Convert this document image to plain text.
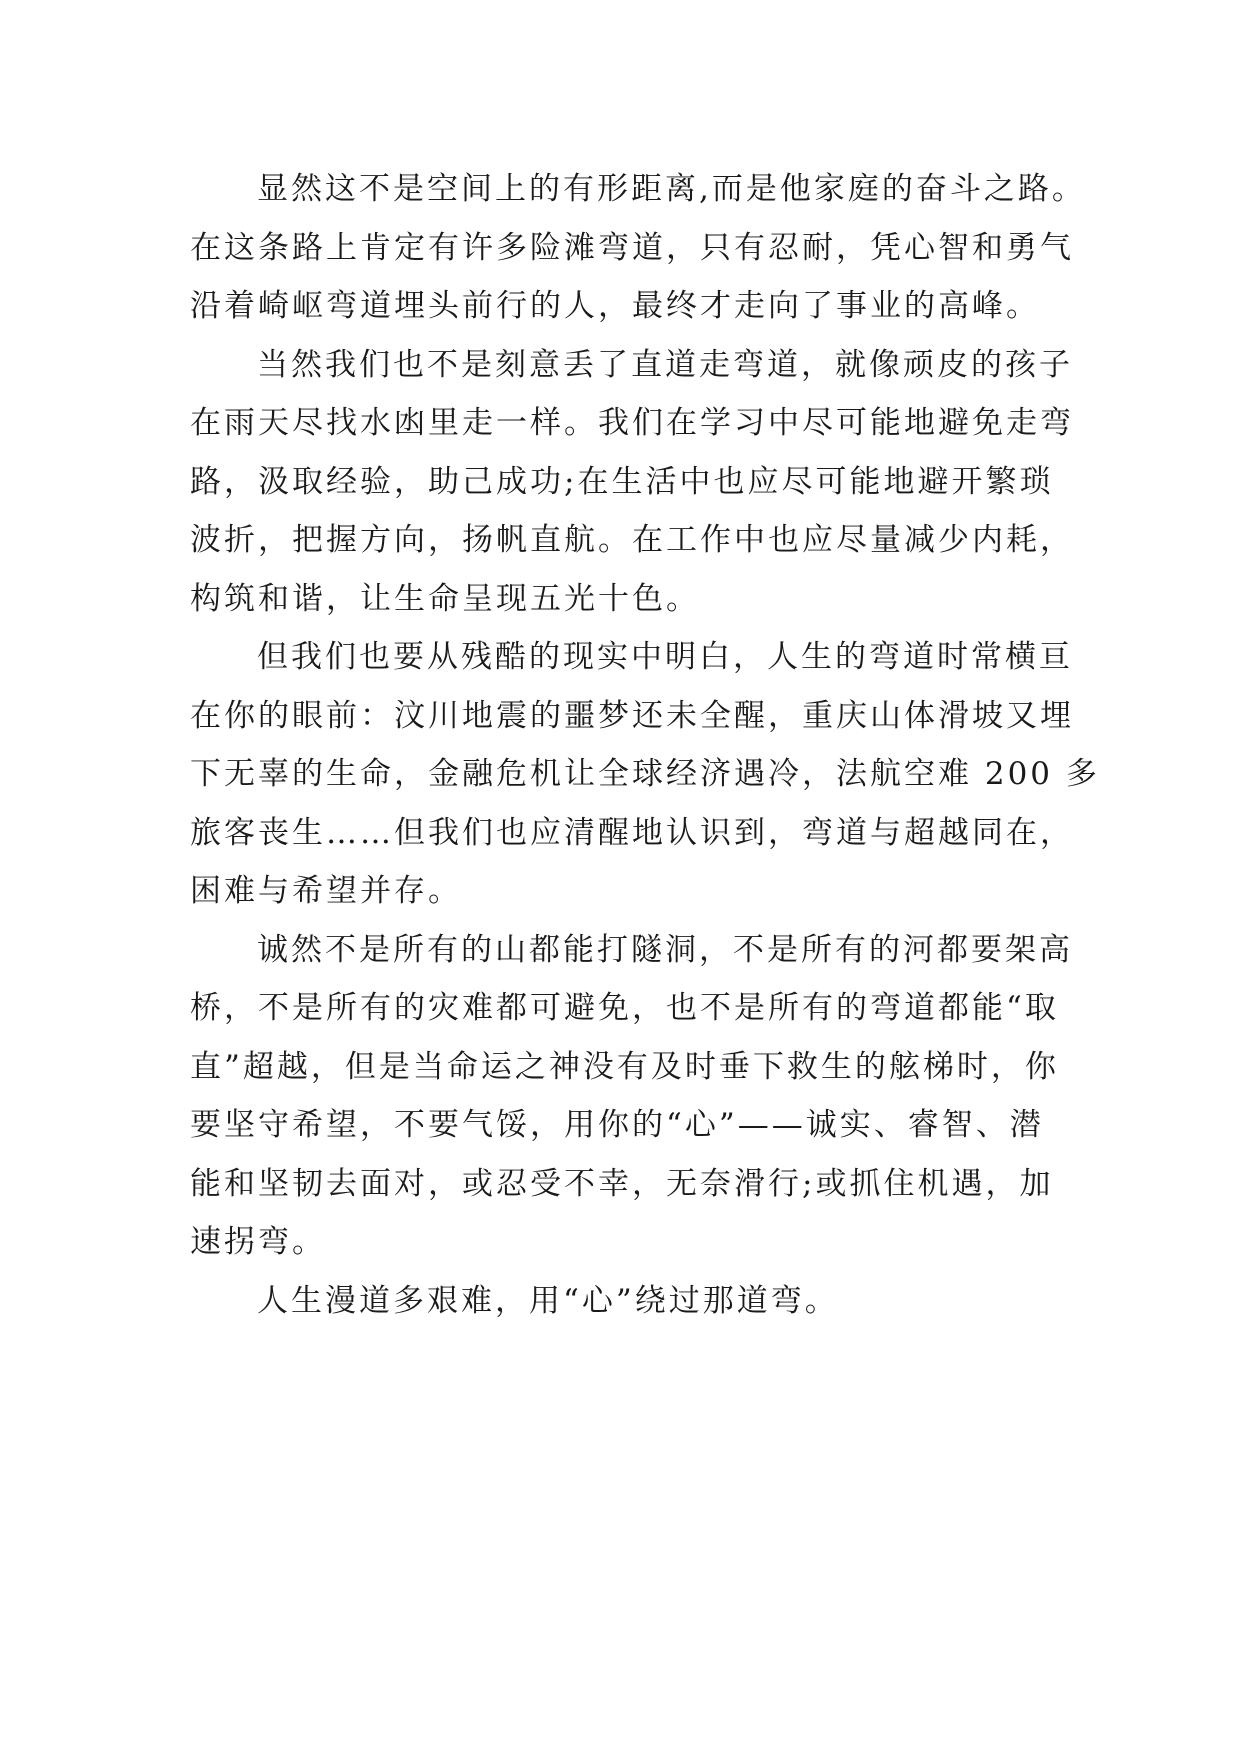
显然这不是空间上的有形距离,而是他家庭的奋斗之路。
在这条路上肯定有许多险滩弯道，只有忍耐，凭心智和勇气
沿着崎岖弯道埋头前行的人，最终才走向了事业的高峰。
当然我们也不是刻意丢了直道走弯道，就像顽皮的孩子
在雨天尽找水凼里走一样。我们在学习中尽可能地避免走弯
路，汲取经验，助己成功;在生活中也应尽可能地避开繁琐
波折，把握方向，扬帆直航。在工作中也应尽量减少内耗，
构筑和谐，让生命呈现五光十色。
但我们也要从残酷的现实中明白，人生的弯道时常横亘
在你的眼前：汶川地震的噩梦还未全醒，重庆山体滑坡又埋
下无辜的生命，金融危机让全球经济遇冷，法航空难 200 多
旅客丧生……但我们也应清醒地认识到，弯道与超越同在，
困难与希望并存。
诚然不是所有的山都能打隧洞，不是所有的河都要架高
桥，不是所有的灾难都可避免，也不是所有的弯道都能“取
直”超越，但是当命运之神没有及时垂下救生的舷梯时，你
要坚守希望，不要气馁，用你的“心”——诚实、睿智、潜
能和坚韧去面对，或忍受不幸，无奈滑行;或抓住机遇，加
速拐弯。
人生漫道多艰难，用“心”绕过那道弯。
